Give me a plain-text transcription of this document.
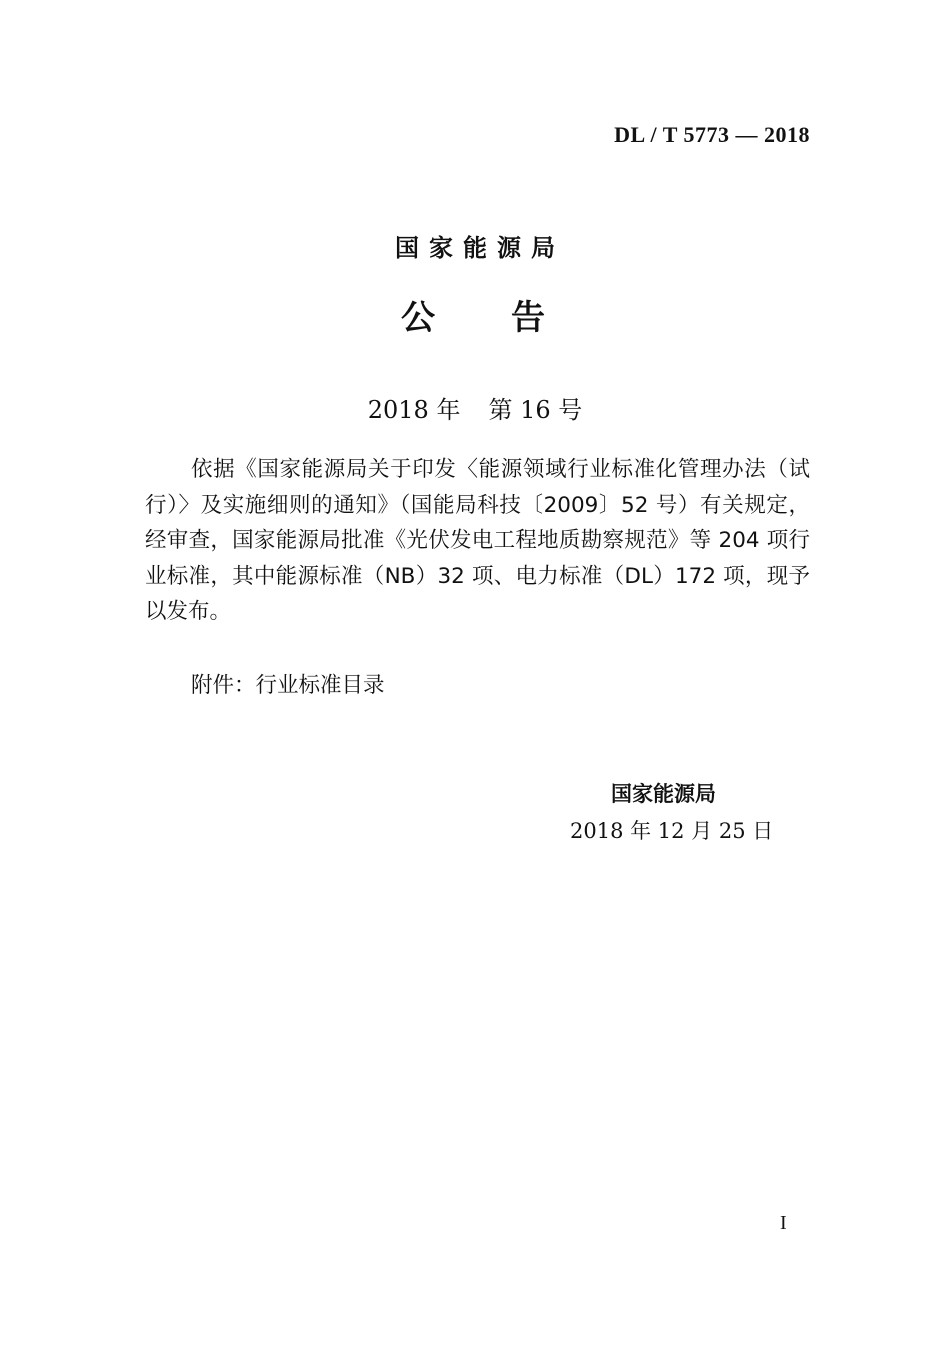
DL / T 5773 — 2018
国家能源局
公 告
2018 年 第 16 号

依据《国家能源局关于印发〈能源领域行业标准化管理办法（试行）〉及实施细则的通知》（国能局科技〔2009〕52 号）有关规定，经审查，国家能源局批准《光伏发电工程地质勘察规范》等 204 项行业标准，其中能源标准（NB）32 项、电力标准（DL）172 项，现予以发布。

附件：行业标准目录
国家能源局
2018 年 12 月 25 日
I
